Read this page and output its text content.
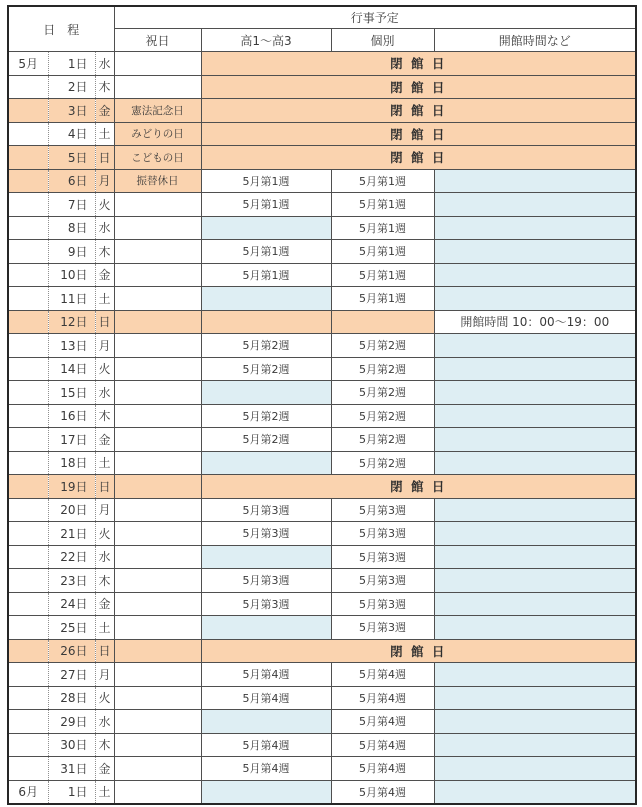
日　程			行事予定			
			祝日	高1～高3	個別	開館時間など
5月	1日	水		閉 館 日		
	2日	木		閉 館 日		
	3日	金	憲法記念日	閉 館 日		
	4日	土	みどりの日	閉 館 日		
	5日	日	こどもの日	閉 館 日		
	6日	月	振替休日	5月第1週	5月第1週	
	7日	火		5月第1週	5月第1週	
	8日	水			5月第1週	
	9日	木		5月第1週	5月第1週	
	10日	金		5月第1週	5月第1週	
	11日	土			5月第1週	
	12日	日				開館時間 10：00～19：00
	13日	月		5月第2週	5月第2週	
	14日	火		5月第2週	5月第2週	
	15日	水			5月第2週	
	16日	木		5月第2週	5月第2週	
	17日	金		5月第2週	5月第2週	
	18日	土			5月第2週	
	19日	日		閉 館 日		
	20日	月		5月第3週	5月第3週	
	21日	火		5月第3週	5月第3週	
	22日	水			5月第3週	
	23日	木		5月第3週	5月第3週	
	24日	金		5月第3週	5月第3週	
	25日	土			5月第3週	
	26日	日		閉 館 日		
	27日	月		5月第4週	5月第4週	
	28日	火		5月第4週	5月第4週	
	29日	水			5月第4週	
	30日	木		5月第4週	5月第4週	
	31日	金		5月第4週	5月第4週	
6月	1日	土			5月第4週	
